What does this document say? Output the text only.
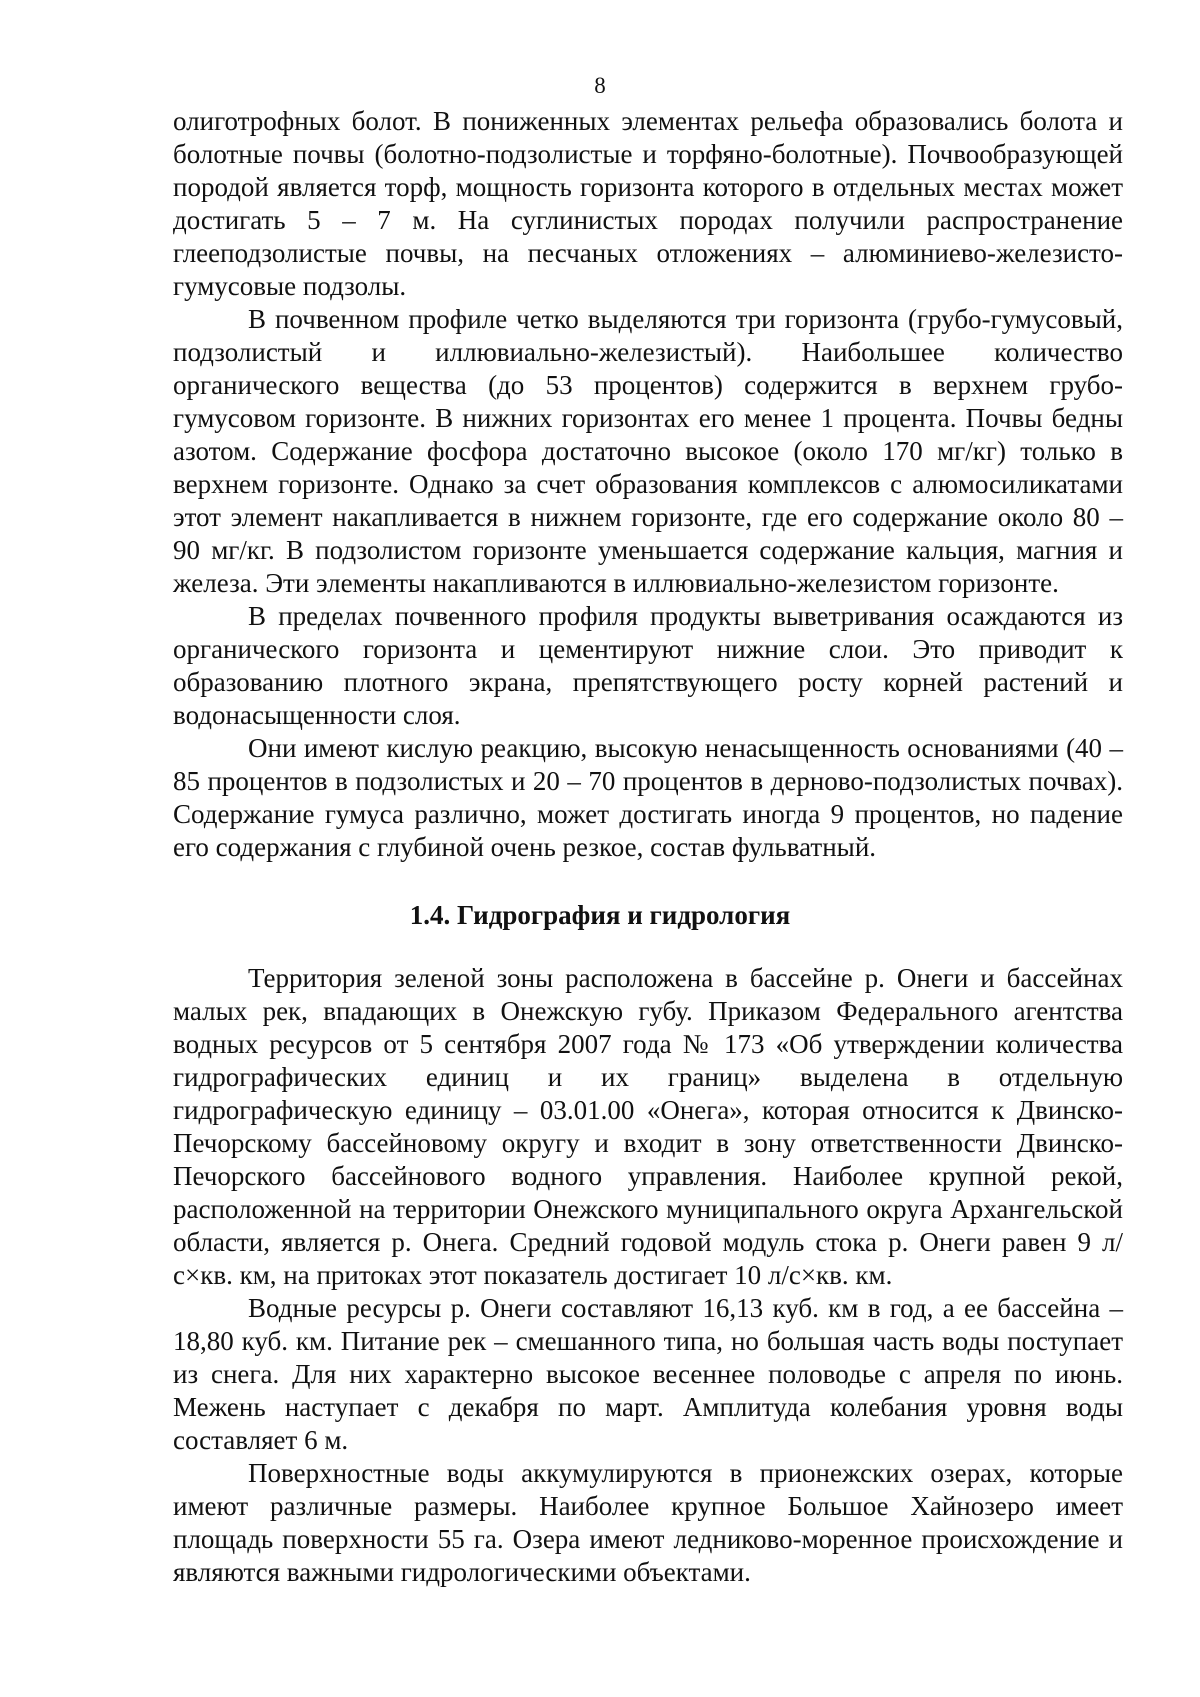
8

олиготрофных болот. В пониженных элементах рельефа образовались болота и болотные почвы (болотно-подзолистые и торфяно-болотные). Почвообразующей породой является торф, мощность горизонта которого в отдельных местах может достигать 5 – 7 м. На суглинистых породах получили распространение глееподзолистые почвы, на песчаных отложениях – алюминиево-железисто-гумусовые подзолы.

В почвенном профиле четко выделяются три горизонта (грубо-гумусовый, подзолистый и иллювиально-железистый). Наибольшее количество органического вещества (до 53 процентов) содержится в верхнем грубо-гумусовом горизонте. В нижних горизонтах его менее 1 процента. Почвы бедны азотом. Содержание фосфора достаточно высокое (около 170 мг/кг) только в верхнем горизонте. Однако за счет образования комплексов с алюмосиликатами этот элемент накапливается в нижнем горизонте, где его содержание около 80 – 90 мг/кг. В подзолистом горизонте уменьшается содержание кальция, магния и железа. Эти элементы накапливаются в иллювиально-железистом горизонте.

В пределах почвенного профиля продукты выветривания осаждаются из органического горизонта и цементируют нижние слои. Это приводит к образованию плотного экрана, препятствующего росту корней растений и водонасыщенности слоя.

Они имеют кислую реакцию, высокую ненасыщенность основаниями (40 – 85 процентов в подзолистых и 20 – 70 процентов в дерново-подзолистых почвах). Содержание гумуса различно, может достигать иногда 9 процентов, но падение его содержания с глубиной очень резкое, состав фульватный.

1.4. Гидрография и гидрология

Территория зеленой зоны расположена в бассейне р. Онеги и бассейнах малых рек, впадающих в Онежскую губу. Приказом Федерального агентства водных ресурсов от 5 сентября 2007 года № 173 «Об утверждении количества гидрографических единиц и их границ» выделена в отдельную гидрографическую единицу – 03.01.00 «Онега», которая относится к Двинско-Печорскому бассейновому округу и входит в зону ответственности Двинско-Печорского бассейнового водного управления. Наиболее крупной рекой, расположенной на территории Онежского муниципального округа Архангельской области, является р. Онега. Средний годовой модуль стока р. Онеги равен 9 л/с×кв. км, на притоках этот показатель достигает 10 л/с×кв. км.

Водные ресурсы р. Онеги составляют 16,13 куб. км в год, а ее бассейна – 18,80 куб. км. Питание рек – смешанного типа, но большая часть воды поступает из снега. Для них характерно высокое весеннее половодье с апреля по июнь. Межень наступает с декабря по март. Амплитуда колебания уровня воды составляет 6 м.

Поверхностные воды аккумулируются в прионежских озерах, которые имеют различные размеры. Наиболее крупное Большое Хайнозеро имеет площадь поверхности 55 га. Озера имеют ледниково-моренное происхождение и являются важными гидрологическими объектами.
